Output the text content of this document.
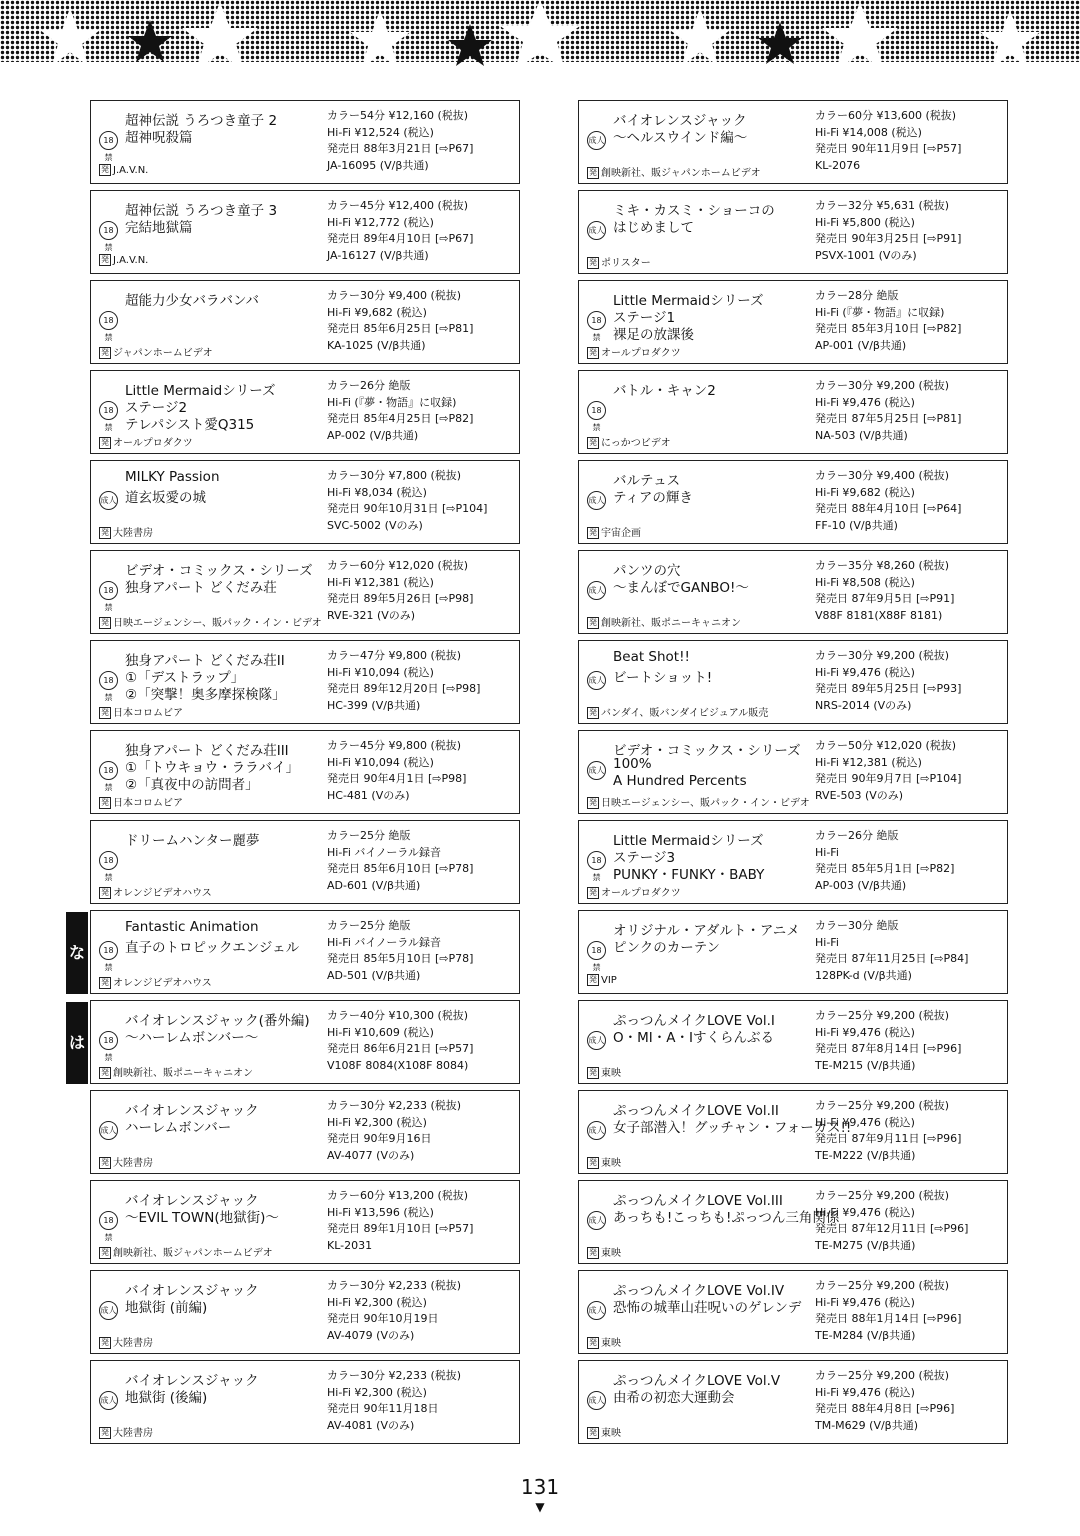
な
は
18禁
超神伝説 うろつき童子 2
超神呪殺篇
発 J.A.V.N.
カラー54分 ¥12,160 (税抜)
Hi-Fi ¥12,524 (税込)
発売日 88年3月21日 [⇨P67]
JA-16095 (V/β共通)
18禁
超神伝説 うろつき童子 3
完結地獄篇
発 J.A.V.N.
カラー45分 ¥12,400 (税抜)
Hi-Fi ¥12,772 (税込)
発売日 89年4月10日 [⇨P67]
JA-16127 (V/β共通)
18禁
超能力少女バラバンバ
発 ジャパンホームビデオ
カラー30分 ¥9,400 (税抜)
Hi-Fi ¥9,682 (税込)
発売日 85年6月25日 [⇨P81]
KA-1025 (V/β共通)
18禁
Little Mermaidシリーズ
ステージ2
テレパシスト愛Q315
発 オールプロダクツ
カラー26分 絶版
Hi-Fi (『夢・物語』に収録)
発売日 85年4月25日 [⇨P82]
AP-002 (V/β共通)
成人
MILKY Passion
道玄坂愛の城
発 大陸書房
カラー30分 ¥7,800 (税抜)
Hi-Fi ¥8,034 (税込)
発売日 90年10月31日 [⇨P104]
SVC-5002 (Vのみ)
18禁
ビデオ・コミックス・シリーズ
独身アパート どくだみ荘
発 日映エージェンシー、販パック・イン・ビデオ
カラー60分 ¥12,020 (税抜)
Hi-Fi ¥12,381 (税込)
発売日 89年5月26日 [⇨P98]
RVE-321 (Vのみ)
18禁
独身アパート どくだみ荘II
①「デストラップ」
②「突撃！奥多摩探検隊」
発 日本コロムビア
カラー47分 ¥9,800 (税抜)
Hi-Fi ¥10,094 (税込)
発売日 89年12月20日 [⇨P98]
HC-399 (V/β共通)
18禁
独身アパート どくだみ荘III
①「トウキョウ・ララバイ」
②「真夜中の訪問者」
発 日本コロムビア
カラー45分 ¥9,800 (税抜)
Hi-Fi ¥10,094 (税込)
発売日 90年4月1日 [⇨P98]
HC-481 (Vのみ)
18禁
ドリームハンター麗夢
発 オレンジビデオハウス
カラー25分 絶版
Hi-Fi バイノーラル録音
発売日 85年6月10日 [⇨P78]
AD-601 (V/β共通)
18禁
Fantastic Animation
直子のトロピックエンジェル
発 オレンジビデオハウス
カラー25分 絶版
Hi-Fi バイノーラル録音
発売日 85年5月10日 [⇨P78]
AD-501 (V/β共通)
18禁
バイオレンスジャック(番外編)
〜ハーレムボンバー〜
発 創映新社、販ポニーキャニオン
カラー40分 ¥10,300 (税抜)
Hi-Fi ¥10,609 (税込)
発売日 86年6月21日 [⇨P57]
V108F 8084(X108F 8084)
成人
バイオレンスジャック
ハーレムボンバー
発 大陸書房
カラー30分 ¥2,233 (税抜)
Hi-Fi ¥2,300 (税込)
発売日 90年9月16日
AV-4077 (Vのみ)
18禁
バイオレンスジャック
〜EVIL TOWN(地獄街)〜
発 創映新社、販ジャパンホームビデオ
カラー60分 ¥13,200 (税抜)
Hi-Fi ¥13,596 (税込)
発売日 89年1月10日 [⇨P57]
KL-2031
成人
バイオレンスジャック
地獄街 (前編)
発 大陸書房
カラー30分 ¥2,233 (税抜)
Hi-Fi ¥2,300 (税込)
発売日 90年10月19日
AV-4079 (Vのみ)
成人
バイオレンスジャック
地獄街 (後編)
発 大陸書房
カラー30分 ¥2,233 (税抜)
Hi-Fi ¥2,300 (税込)
発売日 90年11月18日
AV-4081 (Vのみ)
成人
バイオレンスジャック
〜ヘルスウインド編〜
発 創映新社、販ジャパンホームビデオ
カラー60分 ¥13,600 (税抜)
Hi-Fi ¥14,008 (税込)
発売日 90年11月9日 [⇨P57]
KL-2076
成人
ミキ・カスミ・ショーコの
はじめまして
発 ポリスター
カラー32分 ¥5,631 (税抜)
Hi-Fi ¥5,800 (税込)
発売日 90年3月25日 [⇨P91]
PSVX-1001 (Vのみ)
18禁
Little Mermaidシリーズ
ステージ1
裸足の放課後
発 オールプロダクツ
カラー28分 絶版
Hi-Fi (『夢・物語』に収録)
発売日 85年3月10日 [⇨P82]
AP-001 (V/β共通)
18禁
バトル・キャン2
発 にっかつビデオ
カラー30分 ¥9,200 (税抜)
Hi-Fi ¥9,476 (税込)
発売日 87年5月25日 [⇨P81]
NA-503 (V/β共通)
成人
バルテュス
ティアの輝き
発 宇宙企画
カラー30分 ¥9,400 (税抜)
Hi-Fi ¥9,682 (税込)
発売日 88年4月10日 [⇨P64]
FF-10 (V/β共通)
成人
パンツの穴
〜まんぼでGANBO!〜
発 創映新社、販ポニーキャニオン
カラー35分 ¥8,260 (税抜)
Hi-Fi ¥8,508 (税込)
発売日 87年9月5日 [⇨P91]
V88F 8181(X88F 8181)
成人
Beat Shot!!
ビートショット!
発 バンダイ、販バンダイビジュアル販売
カラー30分 ¥9,200 (税抜)
Hi-Fi ¥9,476 (税込)
発売日 89年5月25日 [⇨P93]
NRS-2014 (Vのみ)
成人
ビデオ・コミックス・シリーズ
100%
A Hundred Percents
発 日映エージェンシー、販パック・イン・ビデオ
カラー50分 ¥12,020 (税抜)
Hi-Fi ¥12,381 (税込)
発売日 90年9月7日 [⇨P104]
RVE-503 (Vのみ)
18禁
Little Mermaidシリーズ
ステージ3
PUNKY・FUNKY・BABY
発 オールプロダクツ
カラー26分 絶版
Hi-Fi
発売日 85年5月1日 [⇨P82]
AP-003 (V/β共通)
18禁
オリジナル・アダルト・アニメ
ピンクのカーテン
発 VIP
カラー30分 絶版
Hi-Fi
発売日 87年11月25日 [⇨P84]
128PK-d (V/β共通)
成人
ぷっつんメイクLOVE Vol.I
O・MI・A・Iすくらんぶる
発 東映
カラー25分 ¥9,200 (税抜)
Hi-Fi ¥9,476 (税込)
発売日 87年8月14日 [⇨P96]
TE-M215 (V/β共通)
成人
ぷっつんメイクLOVE Vol.II
女子部潜入！グッチャン・フォーカス!!
発 東映
カラー25分 ¥9,200 (税抜)
Hi-Fi ¥9,476 (税込)
発売日 87年9月11日 [⇨P96]
TE-M222 (V/β共通)
成人
ぷっつんメイクLOVE Vol.III
あっちも!こっちも!ぷっつん三角関係
発 東映
カラー25分 ¥9,200 (税抜)
Hi-Fi ¥9,476 (税込)
発売日 87年12月11日 [⇨P96]
TE-M275 (V/β共通)
成人
ぷっつんメイクLOVE Vol.IV
恐怖の城華山荘呪いのゲレンデ
発 東映
カラー25分 ¥9,200 (税抜)
Hi-Fi ¥9,476 (税込)
発売日 88年1月14日 [⇨P96]
TE-M284 (V/β共通)
成人
ぷっつんメイクLOVE Vol.V
由希の初恋大運動会
発 東映
カラー25分 ¥9,200 (税抜)
Hi-Fi ¥9,476 (税込)
発売日 88年4月8日 [⇨P96]
TM-M629 (V/β共通)
131
▼
